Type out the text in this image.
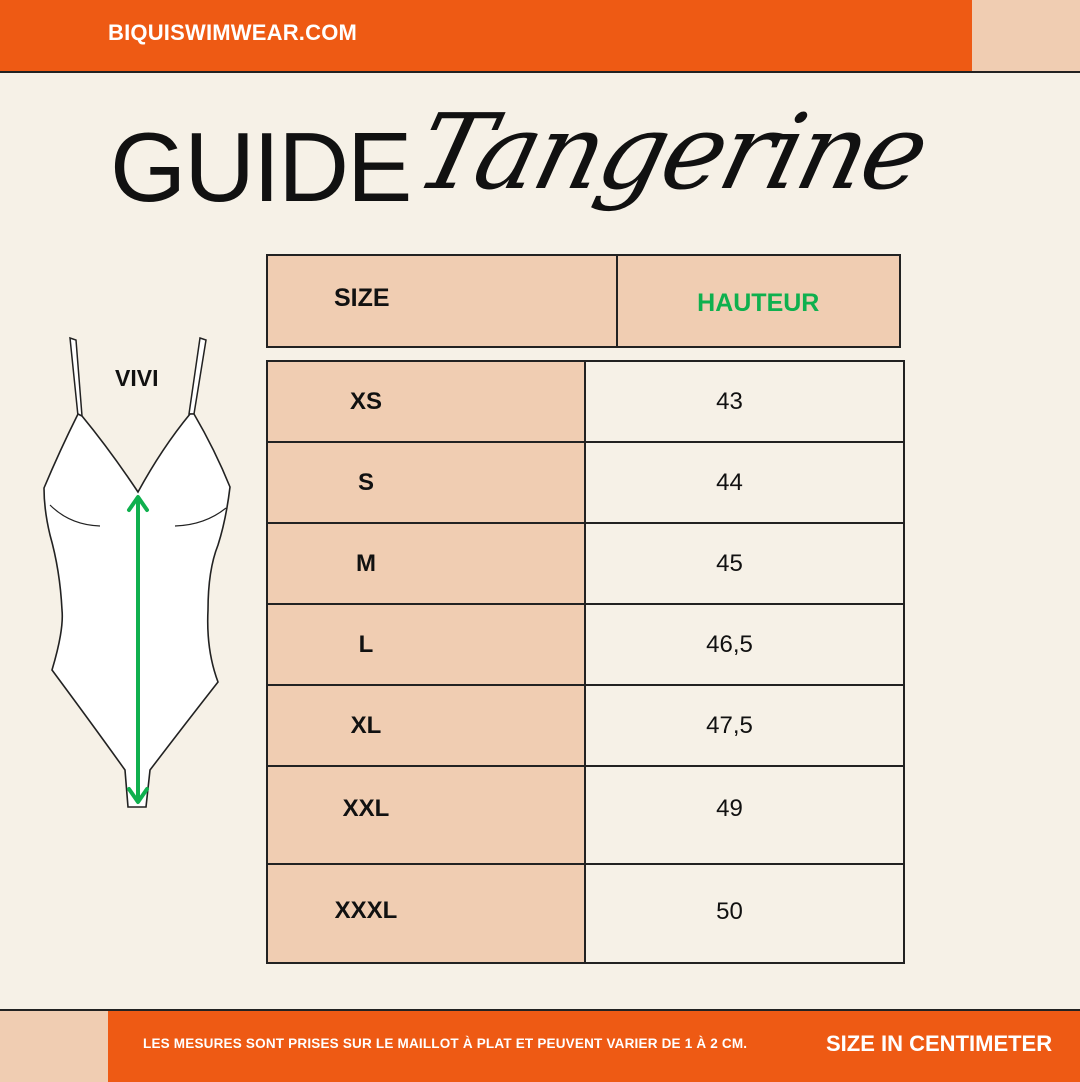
BIQUISWIMWEAR.COM
GUIDE
Tangerine
SIZE	HAUTEUR
XS	43
S	44
M	45
L	46,5
XL	47,5
XXL	49
XXXL	50
VIVI
LES MESURES SONT PRISES SUR LE MAILLOT À PLAT ET PEUVENT VARIER DE 1 À 2 CM.	SIZE IN CENTIMETER
